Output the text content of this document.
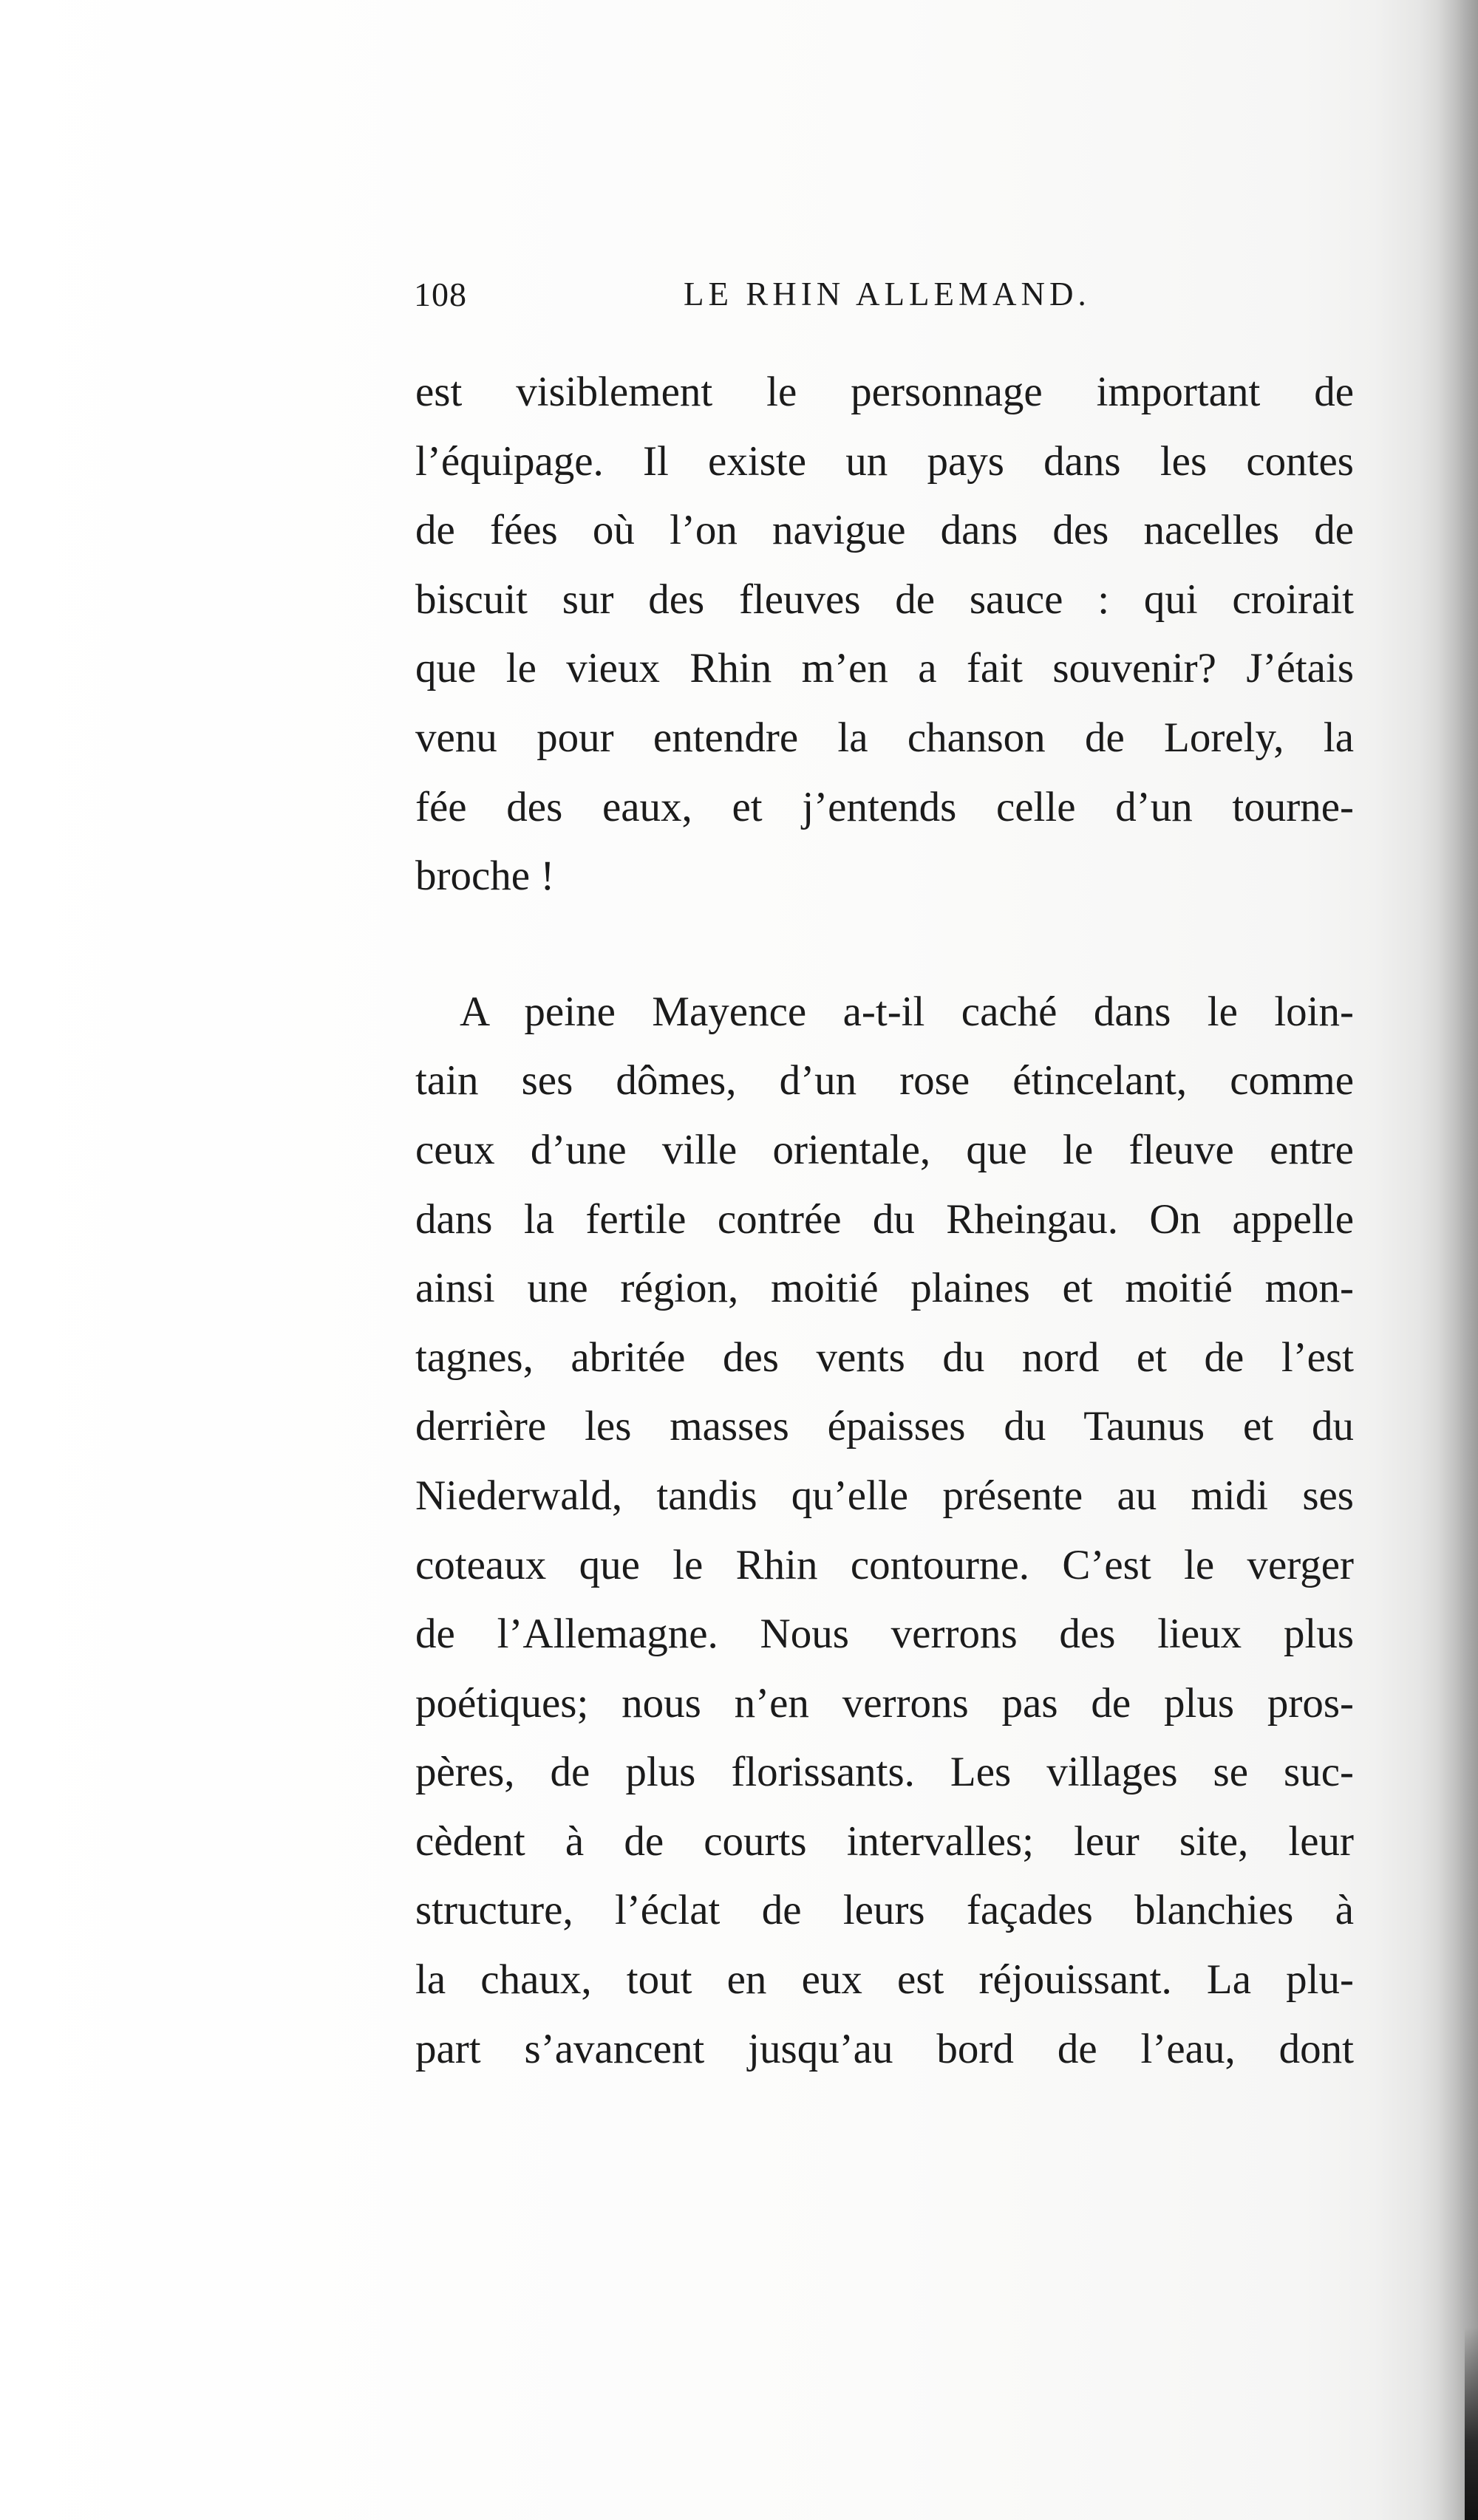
108	LE RHIN ALLEMAND.
est visiblement le personnage important de
l’équipage. Il existe un pays dans les contes
de fées où l’on navigue dans des nacelles de
biscuit sur des fleuves de sauce : qui croirait
que le vieux Rhin m’en a fait souvenir? J’étais
venu pour entendre la chanson de Lorely, la
fée des eaux, et j’entends celle d’un tourne-
broche !
A peine Mayence a-t-il caché dans le loin-
tain ses dômes, d’un rose étincelant, comme
ceux d’une ville orientale, que le fleuve entre
dans la fertile contrée du Rheingau. On appelle
ainsi une région, moitié plaines et moitié mon-
tagnes, abritée des vents du nord et de l’est
derrière les masses épaisses du Taunus et du
Niederwald, tandis qu’elle présente au midi ses
coteaux que le Rhin contourne. C’est le verger
de l’Allemagne. Nous verrons des lieux plus
poétiques; nous n’en verrons pas de plus pros-
pères, de plus florissants. Les villages se suc-
cèdent à de courts intervalles; leur site, leur
structure, l’éclat de leurs façades blanchies à
la chaux, tout en eux est réjouissant. La plu-
part s’avancent jusqu’au bord de l’eau, dont
